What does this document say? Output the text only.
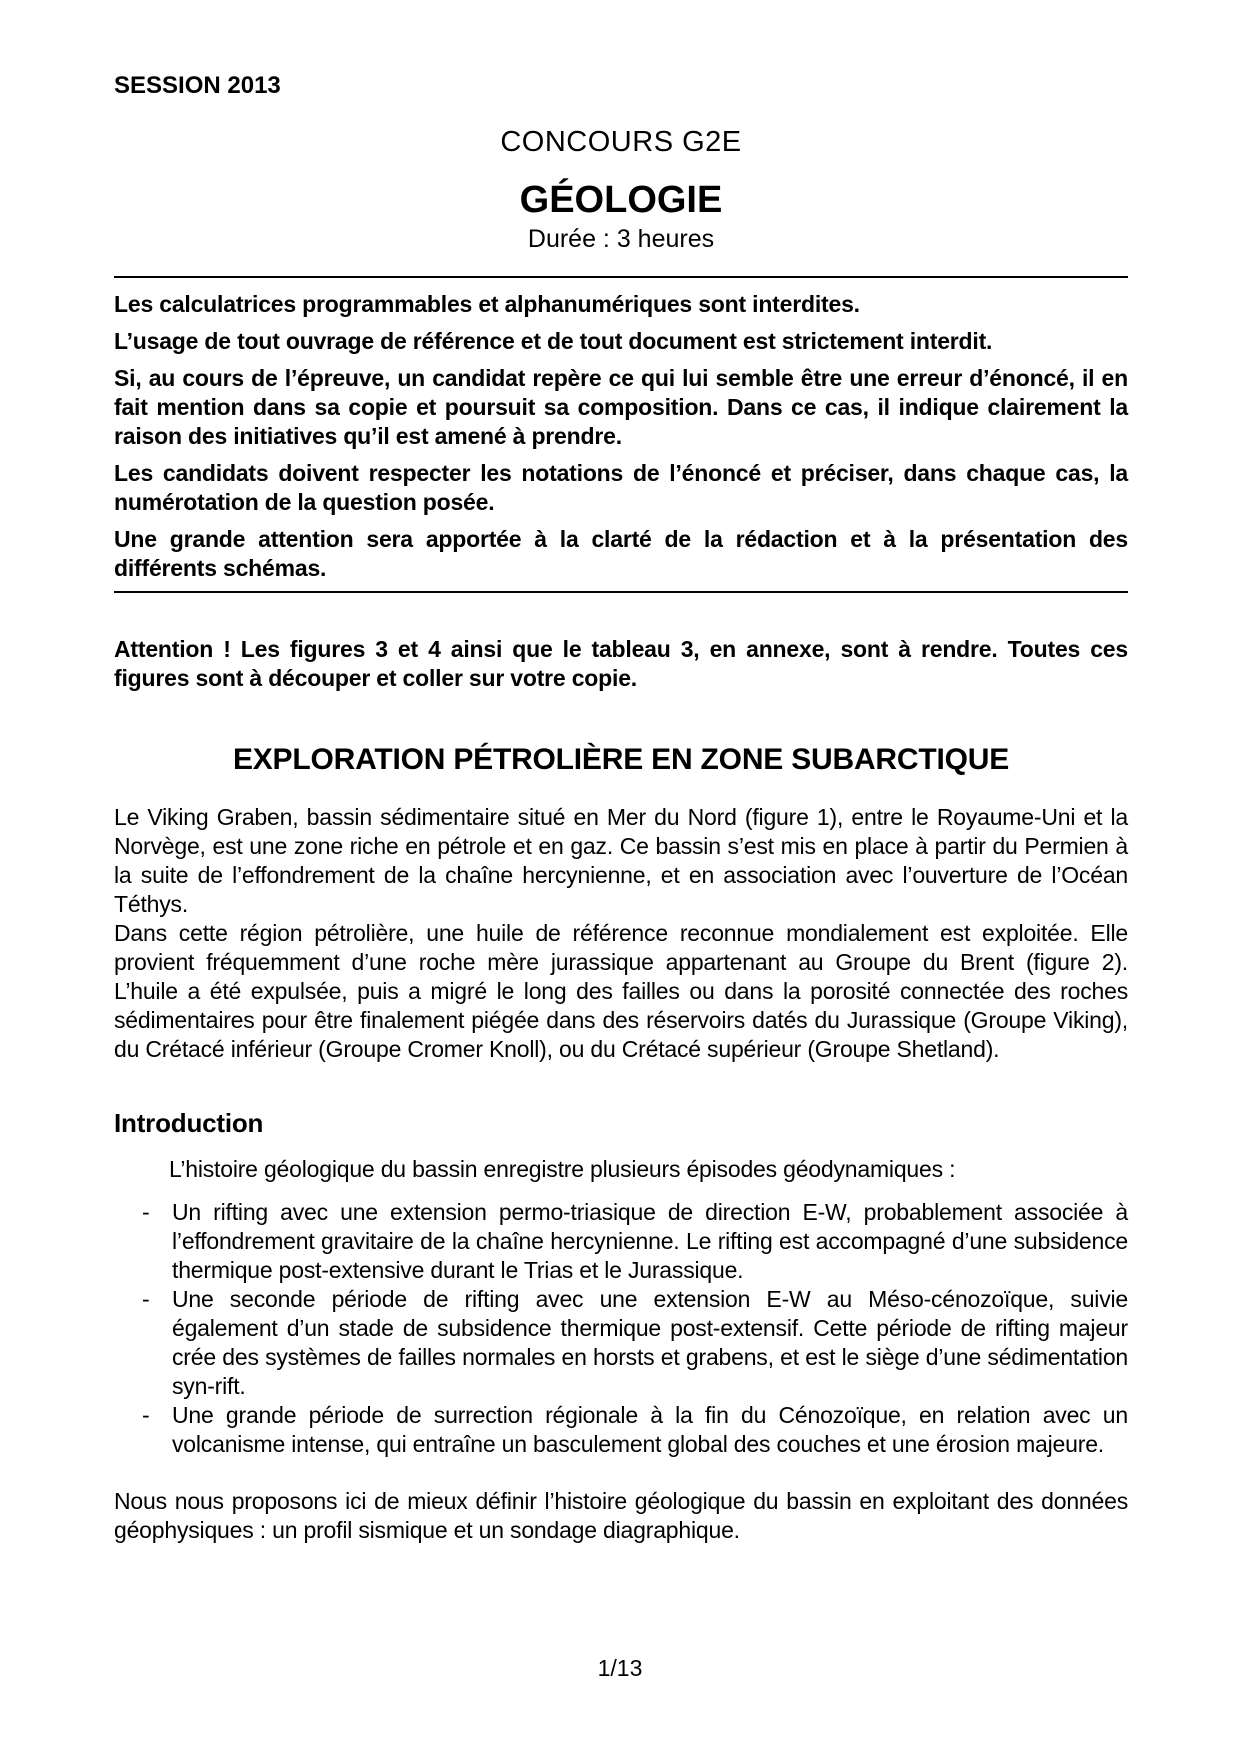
SESSION 2013
CONCOURS G2E
GÉOLOGIE
Durée : 3 heures

Les calculatrices programmables et alphanumériques sont interdites.

L’usage de tout ouvrage de référence et de tout document est strictement interdit.

Si, au cours de l’épreuve, un candidat repère ce qui lui semble être une erreur d’énoncé, il en fait mention dans sa copie et poursuit sa composition. Dans ce cas, il indique clairement la raison des initiatives qu’il est amené à prendre.

Les candidats doivent respecter les notations de l’énoncé et préciser, dans chaque cas, la numérotation de la question posée.

Une grande attention sera apportée à la clarté de la rédaction et à la présentation des différents schémas.

Attention ! Les figures 3 et 4 ainsi que le tableau 3, en annexe, sont à rendre. Toutes ces figures sont à découper et coller sur votre copie.
EXPLORATION PÉTROLIÈRE EN ZONE SUBARCTIQUE

Le Viking Graben, bassin sédimentaire situé en Mer du Nord (figure 1), entre le Royaume-Uni et la Norvège, est une zone riche en pétrole et en gaz. Ce bassin s’est mis en place à partir du Permien à la suite de l’effondrement de la chaîne hercynienne, et en association avec l’ouverture de l’Océan Téthys.

Dans cette région pétrolière, une huile de référence reconnue mondialement est exploitée. Elle provient fréquemment d’une roche mère jurassique appartenant au Groupe du Brent (figure 2). L’huile a été expulsée, puis a migré le long des failles ou dans la porosité connectée des roches sédimentaires pour être finalement piégée dans des réservoirs datés du Jurassique (Groupe Viking), du Crétacé inférieur (Groupe Cromer Knoll), ou du Crétacé supérieur (Groupe Shetland).

Introduction
L’histoire géologique du bassin enregistre plusieurs épisodes géodynamiques :
- Un rifting avec une extension permo-triasique de direction E-W, probablement associée à l’effondrement gravitaire de la chaîne hercynienne. Le rifting est accompagné d’une subsidence thermique post-extensive durant le Trias et le Jurassique.
- Une seconde période de rifting avec une extension E-W au Méso-cénozoïque, suivie également d’un stade de subsidence thermique post-extensif. Cette période de rifting majeur crée des systèmes de failles normales en horsts et grabens, et est le siège d’une sédimentation syn-rift.
- Une grande période de surrection régionale à la fin du Cénozoïque, en relation avec un volcanisme intense, qui entraîne un basculement global des couches et une érosion majeure.
Nous nous proposons ici de mieux définir l’histoire géologique du bassin en exploitant des données géophysiques : un profil sismique et un sondage diagraphique.
1/13
